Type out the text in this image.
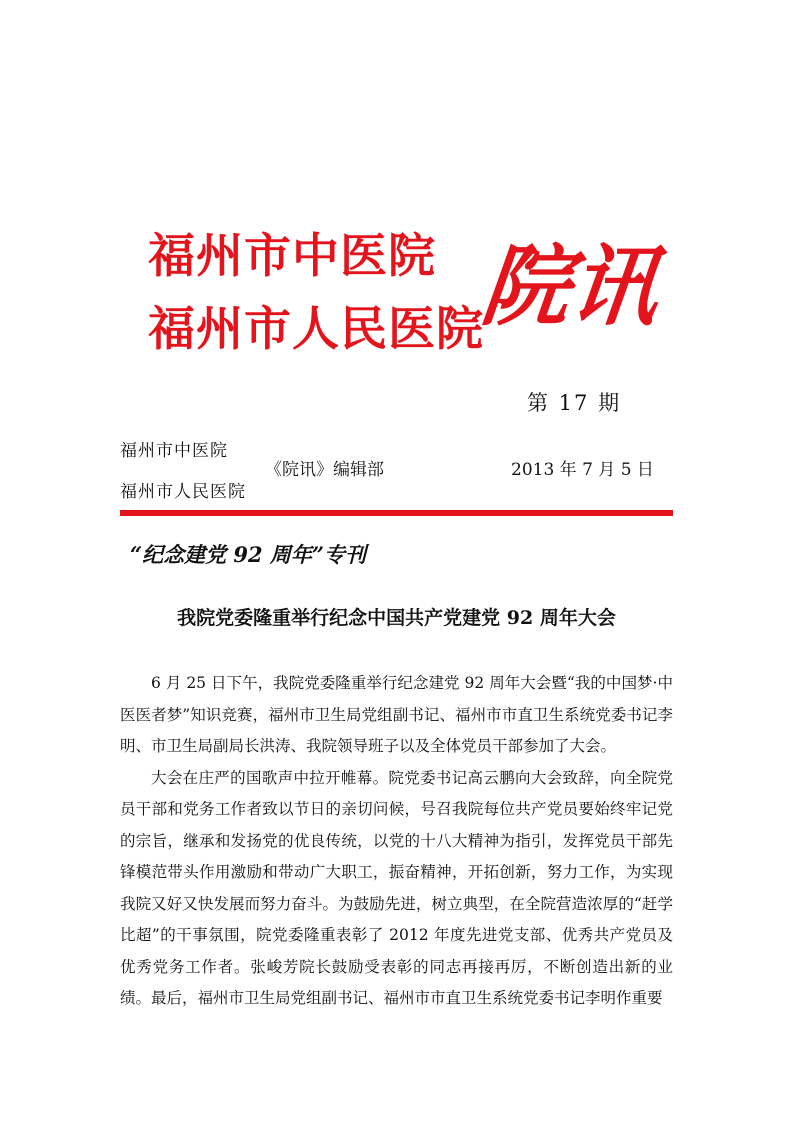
福州市中医院
福州市人民医院
院讯
第 17 期
福州市中医院
福州市人民医院
《院讯》编辑部	2013 年 7 月 5 日
“纪念建党 92 周年”专刊
我院党委隆重举行纪念中国共产党建党 92 周年大会

6 月 25 日下午，我院党委隆重举行纪念建党 92 周年大会暨“我的中国梦·中医医者梦”知识竞赛，福州市卫生局党组副书记、福州市市直卫生系统党委书记李明、市卫生局副局长洪涛、我院领导班子以及全体党员干部参加了大会。

大会在庄严的国歌声中拉开帷幕。院党委书记高云鹏向大会致辞，向全院党员干部和党务工作者致以节日的亲切问候，号召我院每位共产党员要始终牢记党的宗旨，继承和发扬党的优良传统，以党的十八大精神为指引，发挥党员干部先锋模范带头作用激励和带动广大职工，振奋精神，开拓创新，努力工作，为实现我院又好又快发展而努力奋斗。为鼓励先进，树立典型，在全院营造浓厚的“赶学比超”的干事氛围，院党委隆重表彰了 2012 年度先进党支部、优秀共产党员及优秀党务工作者。张峻芳院长鼓励受表彰的同志再接再厉，不断创造出新的业绩。最后，福州市卫生局党组副书记、福州市市直卫生系统党委书记李明作重要
